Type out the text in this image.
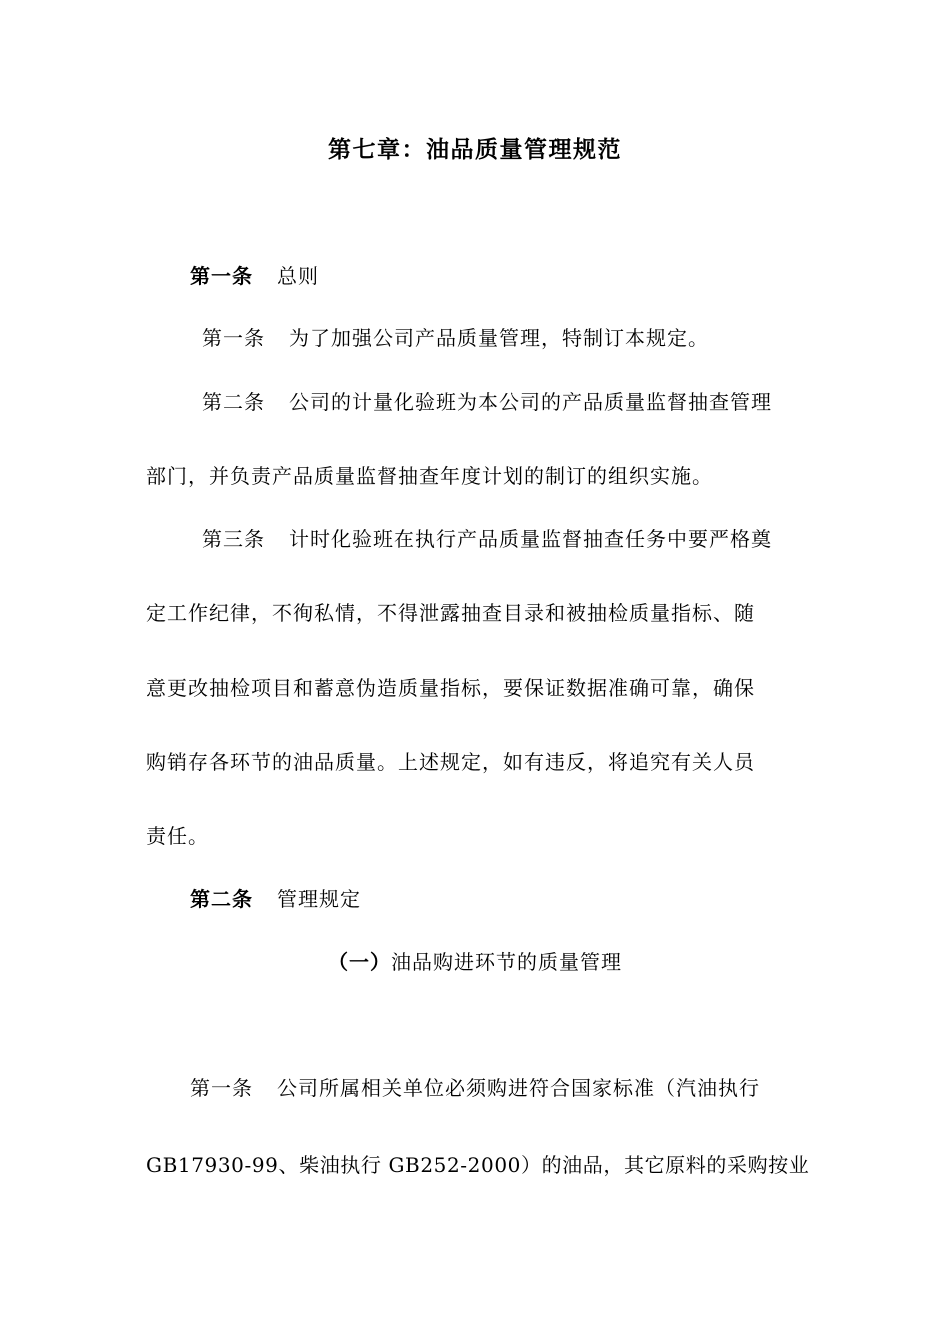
第七章：油品质量管理规范
第一条 总则
第一条 为了加强公司产品质量管理，特制订本规定。
第二条 公司的计量化验班为本公司的产品质量监督抽查管理
部门，并负责产品质量监督抽查年度计划的制订的组织实施。
第三条 计时化验班在执行产品质量监督抽查任务中要严格奠
定工作纪律，不徇私情，不得泄露抽查目录和被抽检质量指标、随
意更改抽检项目和蓄意伪造质量指标，要保证数据准确可靠，确保
购销存各环节的油品质量。上述规定，如有违反，将追究有关人员
责任。
第二条 管理规定
（一）油品购进环节的质量管理
第一条 公司所属相关单位必须购进符合国家标准（汽油执行
GB17930-99、柴油执行 GB252-2000）的油品，其它原料的采购按业
